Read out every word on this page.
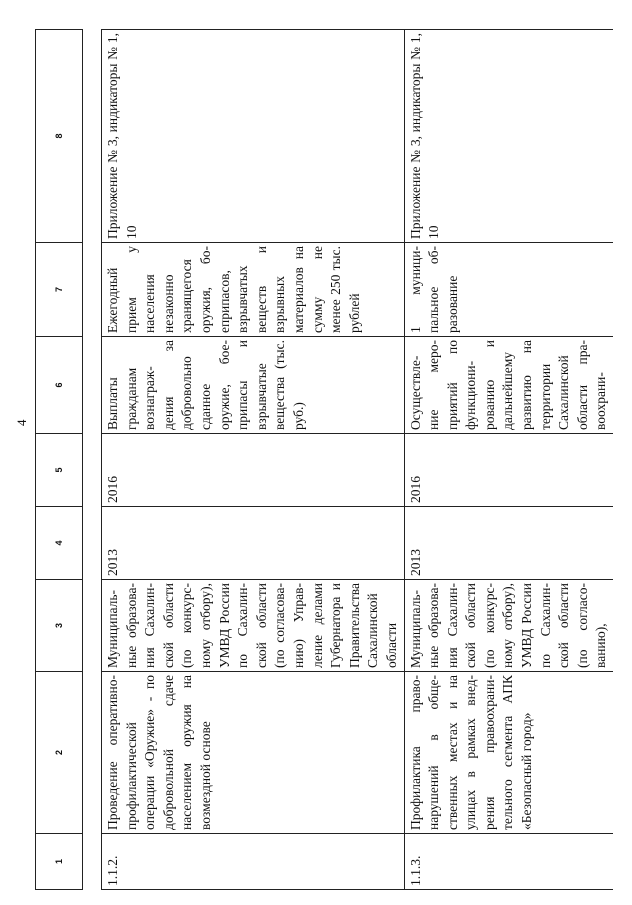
4
1	2	3	4	5	6	7	8

1.1.2.	Проведение оперативно-профилактической операции «Оружие» - по добровольной сдаче населением оружия на возмездной основе	Муниципальные образования Сахалинской области (по конкурсному отбору), УМВД России по Сахалинской области (по согласованию) Управление делами Губернатора и Правительства Сахалинской области	2013	2016	Выплаты гражданам вознаграждения за добровольно сданное оружие, боеприпасы и взрывчатые вещества (тыс. руб.)	Ежегодный прием у населения незаконно хранящегося оружия, боеприпасов, взрывчатых веществ и взрывных материалов на сумму не менее 250 тыс. рублей	Приложение № 3, индикаторы № 1, 10
1.1.3.	Профилактика правонарушений в общественных местах и на улицах в рамках внедрения правоохранительного сегмента АПК «Безопасный город»	Муниципальные образования Сахалинской области (по конкурсному отбору), УМВД России по Сахалинской области (по согласованию),	2013	2016	Осуществление мероприятий по функционированию и дальнейшему развитию на территории Сахалинской области правоохрани-	1 муниципальное образование	Приложение № 3, индикаторы № 1, 10
